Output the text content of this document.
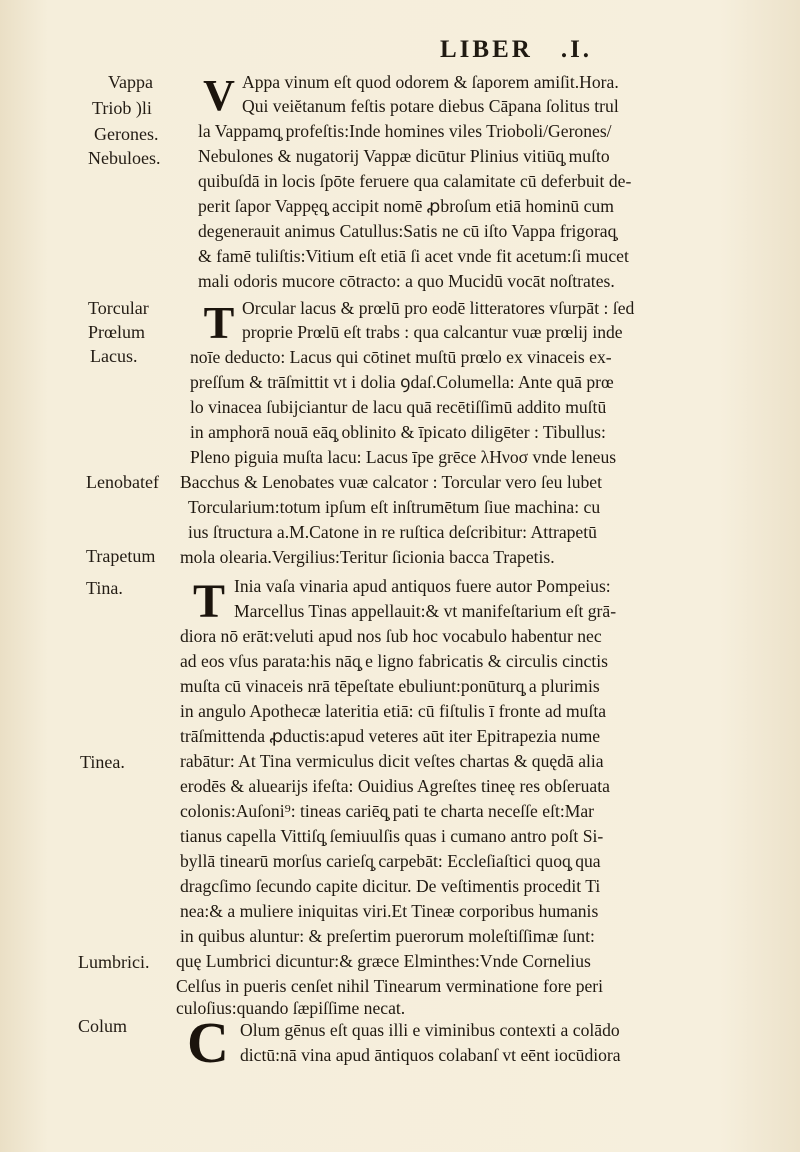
LIBER .I.
Vappa
Triob )li
Gerones.
Nebuloes.
Torcular
Prœlum
Lacus.
Lenobatef
Trapetum
Tina.
Tinea.
Lumbrici.
Colum
V
T
T
C
Appa vinum eſt quod odorem & ſaporem amiſit.Hora.
Qui veiĕtanum feſtis potare diebus Cāpana ſolitus trul
la Vappamq̧ profeſtis:Inde homines viles Trioboli/Gerones/
Nebulones & nugatorij Vappæ dicūtur Plinius vitiūq̧ muſto
quibuſdā in locis ſpōte feruere qua calamitate cū deferbuit de-
perit ſapor Vappęq̧ accipit nomē ꝓbroſum etiā hominū cum
degenerauit animus Catullus:Satis ne cū iſto Vappa frigoraq̧
& famē tuliſtis:Vitium eſt etiā ſi acet vnde fit acetum:ſi mucet
mali odoris mucore cōtracto: a quo Mucidū vocāt noſtrates.
Orcular lacus & prœlū pro eodē litteratores vſurpāt : ſed
proprie Prœlū eſt trabs : qua calcantur vuæ prœlij inde
noīe deducto: Lacus qui cōtinet muſtū prœlo ex vinaceis ex-
preſſum & trāſmittit vt i dolia ꝯdaſ.Columella: Ante quā prœ
lo vinacea ſubijciantur de lacu quā recētiſſimū addito muſtū
in amphorā nouā eāq̧ oblinito & īpicato diligēter : Tibullus:
Pleno piguia muſta lacu: Lacus īpe grēce λHνoσ vnde leneus
Bacchus & Lenobates vuæ calcator : Torcular vero ſeu lubet
Torcularium:totum ipſum eſt inſtrumētum ſiue machina: cu
ius ſtructura a.M.Catone in re ruſtica deſcribitur: Attrapetū
mola olearia.Vergilius:Teritur ſicionia bacca Trapetis.
Inia vaſa vinaria apud antiquos fuere autor Pompeius:
Marcellus Tinas appellauit:& vt manifeſtarium eſt grā-
diora nō erāt:veluti apud nos ſub hoc vocabulo habentur nec
ad eos vſus parata:his nāq̧ e ligno fabricatis & circulis cinctis
muſta cū vinaceis nrā tēpeſtate ebuliunt:ponūturq̧ a plurimis
in angulo Apothecæ lateritia etiā: cū fiſtulis ī fronte ad muſta
trāſmittenda ꝓductis:apud veteres aūt iter Epitrapezia nume
rabātur: At Tina vermiculus dicit veſtes chartas & quędā alia
erodēs & aluearijs ifeſta: Ouidius Agreſtes tineę res obſeruata
colonis:Auſoni⁹: tineas cariēq̧ pati te charta neceſſe eſt:Mar
tianus capella Vittiſq̧ ſemiuulſis quas i cumano antro poſt Si-
byllā tinearū morſus carieſq̧ carpebāt: Eccleſiaſtici quoq̧ qua
dragcſimo ſecundo capite dicitur. De veſtimentis procedit Ti
nea:& a muliere iniquitas viri.Et Tineæ corporibus humanis
in quibus aluntur: & preſertim puerorum moleſtiſſimæ ſunt:
quę Lumbrici dicuntur:& græce Elminthes:Vnde Cornelius
Celſus in pueris cenſet nihil Tinearum verminatione fore peri
culoſius:quando ſæpiſſime necat.
Olum gēnus eſt quas illi e viminibus contexti a colādo
dictū:nā vina apud āntiquos colabanſ vt eēnt iocūdiora
